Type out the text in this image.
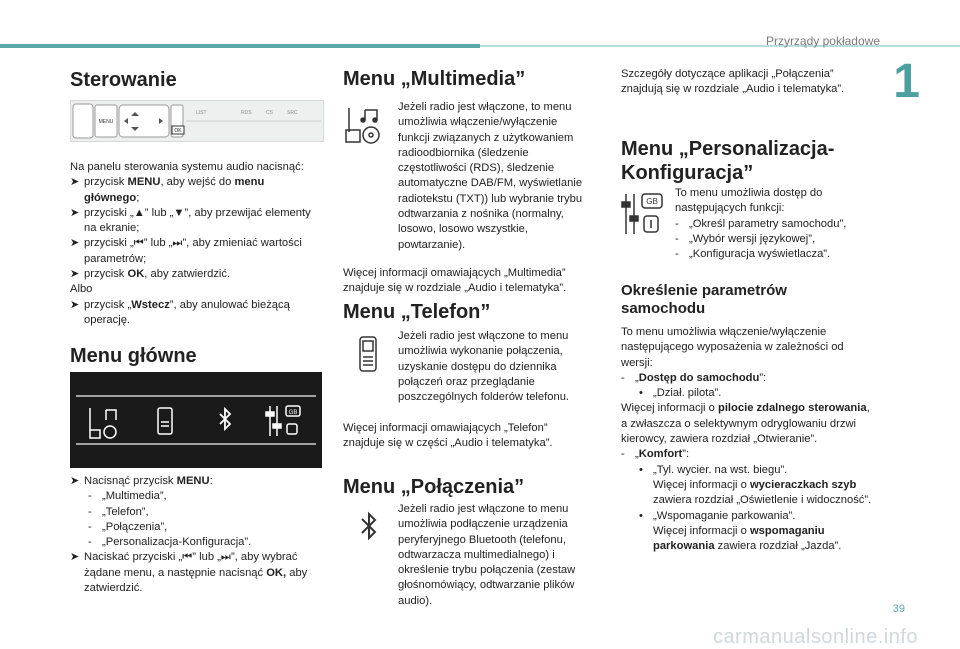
Przyrządy pokładowe
1
Sterowanie
MENU
OK
LIST	RDS	CS	SRC
Na panelu sterowania systemu audio nacisnąć:
➤ przycisk MENU, aby wejść do menu głównego;
➤ przyciski „▲” lub „▼”, aby przewijać elementy na ekranie;
➤ przyciski „⏮” lub „⏭”, aby zmieniać wartości parametrów;
➤ przycisk OK, aby zatwierdzić.
Albo
➤ przycisk „Wstecz”, aby anulować bieżącą operację.
Menu główne
GB
➤ Nacisnąć przycisk MENU:
- „Multimedia”,
- „Telefon”,
- „Połączenia”,
- „Personalizacja-Konfiguracja”.
➤ Naciskać przyciski „⏮” lub „⏭”, aby wybrać żądane menu, a następnie nacisnąć OK, aby zatwierdzić.
Menu „Multimedia”
Jeżeli radio jest włączone, to menu umożliwia włączenie/wyłączenie funkcji związanych z użytkowaniem radioodbiornika (śledzenie częstotliwości (RDS), śledzenie automatyczne DAB/FM, wyświetlanie radiotekstu (TXT)) lub wybranie trybu odtwarzania z nośnika (normalny, losowo, losowo wszystkie, powtarzanie).
Więcej informacji omawiających „Multimedia” znajduje się w rozdziale „Audio i telematyka”.
Menu „Telefon”
Jeżeli radio jest włączone to menu umożliwia wykonanie połączenia, uzyskanie dostępu do dziennika połączeń oraz przeglądanie poszczególnych folderów telefonu.
Więcej informacji omawiających „Telefon” znajduje się w części „Audio i telematyka”.
Menu „Połączenia”
Jeżeli radio jest włączone to menu umożliwia podłączenie urządzenia peryferyjnego Bluetooth (telefonu, odtwarzacza multimedialnego) i określenie trybu połączenia (zestaw głośnomówiący, odtwarzanie plików audio).
Szczegóły dotyczące aplikacji „Połączenia” znajdują się w rozdziale „Audio i telematyka”.
Menu „Personalizacja-
Konfiguracja”
GB
To menu umożliwia dostęp do następujących funkcji:
- „Określ parametry samochodu”,
- „Wybór wersji językowej”,
- „Konfiguracja wyświetlacza”.
Określenie parametrów
samochodu
To menu umożliwia włączenie/wyłączenie następującego wyposażenia w zależności od wersji:
- „Dostęp do samochodu”:
• „Dział. pilota”.
Więcej informacji o pilocie zdalnego sterowania, a zwłaszcza o selektywnym odryglowaniu drzwi kierowcy, zawiera rozdział „Otwieranie”.
- „Komfort”:
• „Tyl. wycier. na wst. biegu”.
Więcej informacji o wycieraczkach szyb zawiera rozdział „Oświetlenie i widoczność”.
• „Wspomaganie parkowania”.
Więcej informacji o wspomaganiu parkowania zawiera rozdział „Jazda”.
39
carmanualsonline.info
